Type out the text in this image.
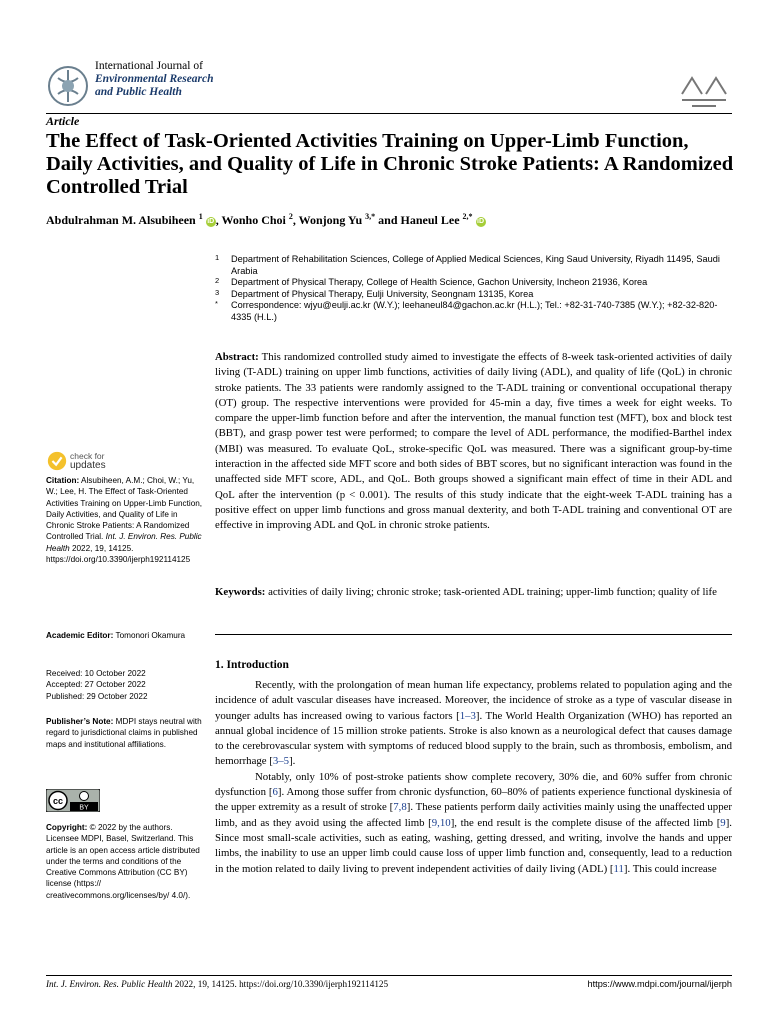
International Journal of
Environmental Research
and Public Health
Article
The Effect of Task-Oriented Activities Training on Upper-Limb Function, Daily Activities, and Quality of Life in Chronic Stroke Patients: A Randomized Controlled Trial
Abdulrahman M. Alsubiheen $^1$ iD , Wonho Choi $^2$, Wonjong Yu $^{3,*}$ and Haneul Lee $^{2,*}$ iD
1 Department of Rehabilitation Sciences, College of Applied Medical Sciences, King Saud University, Riyadh 11495, Saudi Arabia
2 Department of Physical Therapy, College of Health Science, Gachon University, Incheon 21936, Korea
3 Department of Physical Therapy, Eulji University, Seongnam 13135, Korea
* Correspondence: wjyu@eulji.ac.kr (W.Y.); leehaneul84@gachon.ac.kr (H.L.); Tel.: +82-31-740-7385 (W.Y.); +82-32-820-4335 (H.L.)
Abstract: This randomized controlled study aimed to investigate the effects of 8-week task-oriented activities of daily living (T-ADL) training on upper limb functions, activities of daily living (ADL), and quality of life (QoL) in chronic stroke patients. The 33 patients were randomly assigned to the T-ADL training or conventional occupational therapy (OT) group. The respective interventions were provided for 45-min a day, five times a week for eight weeks. To compare the upper-limb function before and after the intervention, the manual function test (MFT), box and block test (BBT), and grasp power test were performed; to compare the level of ADL performance, the modified-Barthel index (MBI) was measured. To evaluate QoL, stroke-specific QoL was measured. There was a significant group-by-time interaction in the affected side MFT score and both sides of BBT scores, but no significant interaction was found in the unaffected side MFT score, ADL, and QoL. Both groups showed a significant main effect of time in their ADL and QoL after the intervention (p < 0.001). The results of this study indicate that the eight-week T-ADL training has a positive effect on upper limb functions and gross manual dexterity, and both T-ADL training and conventional OT are effective in improving ADL and QoL in chronic stroke patients.
Keywords: activities of daily living; chronic stroke; task-oriented ADL training; upper-limb function; quality of life
1. Introduction

Recently, with the prolongation of mean human life expectancy, problems related to population aging and the incidence of adult vascular diseases have increased. Moreover, the incidence of stroke as a type of vascular disease in younger adults has increased owing to various factors [1–3]. The World Health Organization (WHO) has reported an annual global incidence of 15 million stroke patients. Stroke is also known as a neurological defect that causes damage to the cerebrovascular system with symptoms of reduced blood supply to the brain, such as thrombosis, embolism, and hemorrhage [3–5].

Notably, only 10% of post-stroke patients show complete recovery, 30% die, and 60% suffer from chronic dysfunction [6]. Among those suffer from chronic dysfunction, 60–80% of patients experience functional dyskinesia of the upper extremity as a result of stroke [7,8]. These patients perform daily activities mainly using the unaffected upper limb, and as they avoid using the affected limb [9,10], the end result is the complete disuse of the affected limb [9]. Since most small-scale activities, such as eating, washing, getting dressed, and writing, involve the hands and upper limbs, the inability to use an upper limb could cause loss of upper limb function and, consequently, lead to a reduction in the motion related to daily living to prevent independent activities of daily living (ADL) [11]. This could increase

check for
updates
Citation: Alsubiheen, A.M.; Choi, W.; Yu, W.; Lee, H. The Effect of Task-Oriented Activities Training on Upper-Limb Function, Daily Activities, and Quality of Life in Chronic Stroke Patients: A Randomized Controlled Trial. Int. J. Environ. Res. Public Health 2022, 19, 14125. https://doi.org/10.3390/ijerph192114125
Academic Editor: Tomonori Okamura
Received: 10 October 2022
Accepted: 27 October 2022
Published: 29 October 2022
Publisher’s Note: MDPI stays neutral with regard to jurisdictional claims in published maps and institutional affiliations.
cc
BY
Copyright: © 2022 by the authors. Licensee MDPI, Basel, Switzerland. This article is an open access article distributed under the terms and conditions of the Creative Commons Attribution (CC BY) license (https:// creativecommons.org/licenses/by/ 4.0/).
Int. J. Environ. Res. Public Health 2022, 19, 14125. https://doi.org/10.3390/ijerph192114125	https://www.mdpi.com/journal/ijerph
